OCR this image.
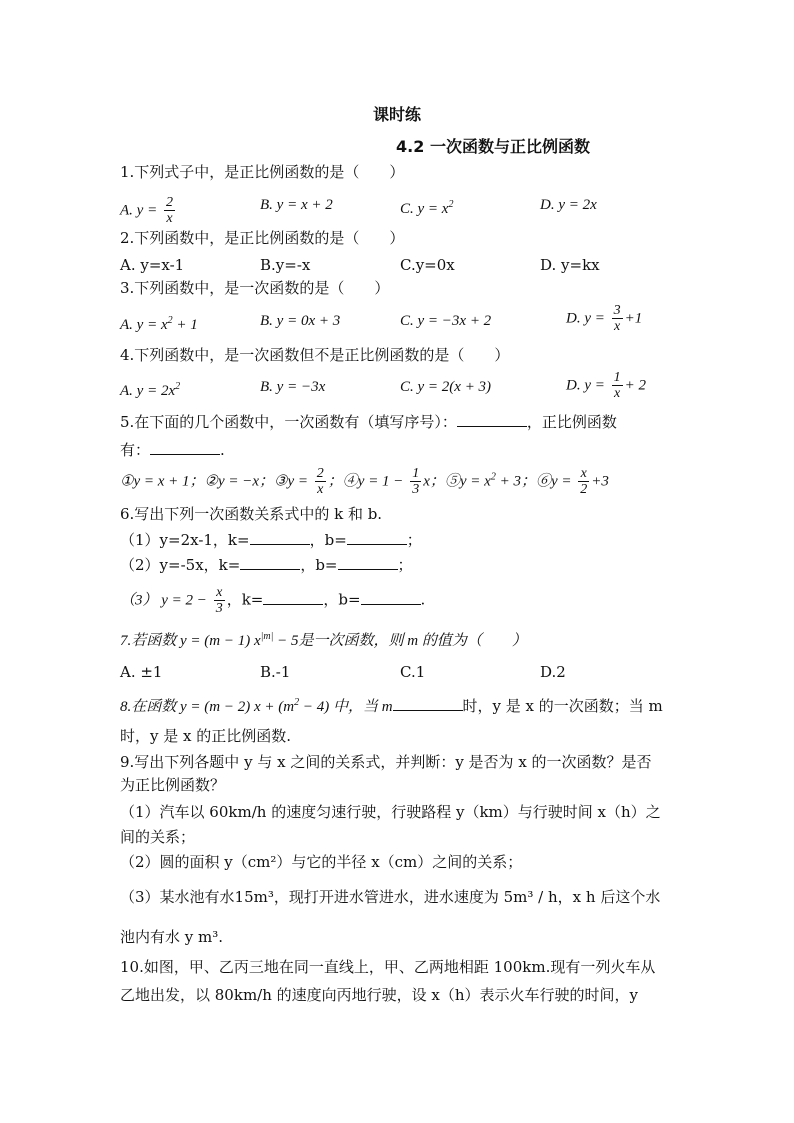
课时练
4.2 一次函数与正比例函数
1.下列式子中，是正比例函数的是（　　）
A. $y = \frac{2}{x}$	B. y = x + 2	C. $y = x^2$	D. y = 2x
2.下列函数中，是正比例函数的是（　　）
A. y=x-1	B.y=-x	C.y=0x	D. y=kx
3.下列函数中，是一次函数的是（　　）
A. $y = x^2 + 1$	B. y = 0x + 3	C. y = −3x + 2	D. $y = \frac{3}{x} +1$
4.下列函数中，是一次函数但不是正比例函数的是（　　）
A. $y = 2x^2$	B. y = −3x	C. y = 2(x + 3)	D. $y = \frac{1}{x} + 2$
5.在下面的几个函数中，一次函数有（填写序号）：	，正比例函数
有：	.
①y = x + 1；②y = −x；③y = $\frac{2}{x}$ ；④y = $1 - \frac{1}{3}$ x；⑤y = $x^2 + 3$；⑥y = $\frac{x}{2} +3$
6.写出下列一次函数关系式中的 k 和 b.
（1）y=2x-1，k=	，b=	；
（2）y=-5x，k=	，b=	；
（3） $y = 2 - \frac{x}{3}$ ，k=	，b=	.
7.若函数 y = (m − 1) $x^{|m|} - 5$是一次函数，则 m 的值为（　　）
A. ±1	B.-1	C.1	D.2
8.在函数 y = (m − 2) $x + (m^2 - 4)$ 中，当 m	时，y 是 x 的一次函数；当 m
时，y 是 x 的正比例函数.
9.写出下列各题中 y 与 x 之间的关系式，并判断：y 是否为 x 的一次函数？是否
为正比例函数？
（1）汽车以 60km/h 的速度匀速行驶，行驶路程 y（km）与行驶时间 x（h）之
间的关系；
（2）圆的面积 y（cm²）与它的半径 x（cm）之间的关系；
（3）某水池有水15m³，现打开进水管进水，进水速度为 5m³ / h，x h 后这个水
池内有水 y m³.
10.如图，甲、乙丙三地在同一直线上，甲、乙两地相距 100km.现有一列火车从
乙地出发，以 80km/h 的速度向丙地行驶，设 x（h）表示火车行驶的时间，y
